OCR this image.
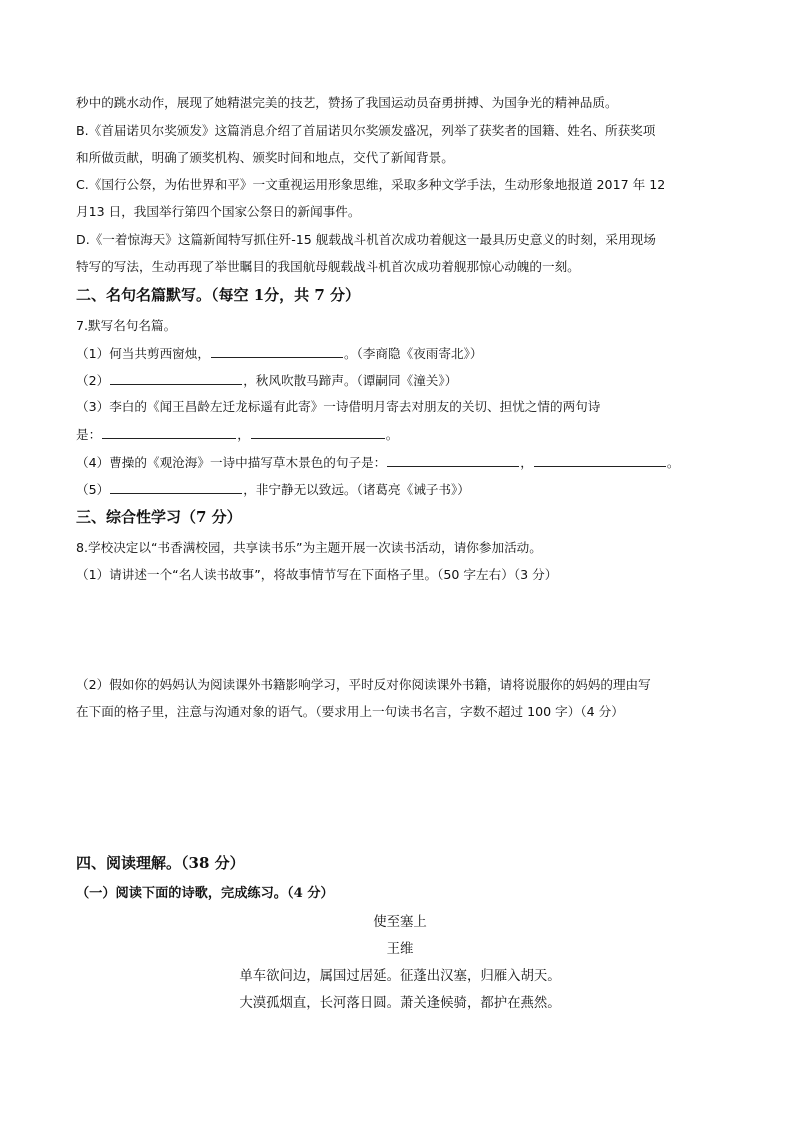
秒中的跳水动作，展现了她精湛完美的技艺，赞扬了我国运动员奋勇拼搏、为国争光的精神品质。
B.《首届诺贝尔奖颁发》这篇消息介绍了首届诺贝尔奖颁发盛况，列举了获奖者的国籍、姓名、所获奖项
和所做贡献，明确了颁奖机构、颁奖时间和地点，交代了新闻背景。
C.《国行公祭，为佑世界和平》一文重视运用形象思维，采取多种文学手法，生动形象地报道 2017 年 12
月13 日，我国举行第四个国家公祭日的新闻事件。
D.《一着惊海天》这篇新闻特写抓住歼-15 舰载战斗机首次成功着舰这一最具历史意义的时刻，采用现场
特写的写法，生动再现了举世瞩目的我国航母舰载战斗机首次成功着舰那惊心动魄的一刻。
二、名句名篇默写。（每空 1分，共 7 分）
7.默写名句名篇。
（1）何当共剪西窗烛，	。（李商隐《夜雨寄北》）
（2）	，秋风吹散马蹄声。（谭嗣同《潼关》）
（3）李白的《闻王昌龄左迁龙标遥有此寄》一诗借明月寄去对朋友的关切、担忧之情的两句诗
是：	，	。
（4）曹操的《观沧海》一诗中描写草木景色的句子是：	，	。
（5）	，非宁静无以致远。（诸葛亮《诫子书》）
三、综合性学习（7 分）
8.学校决定以“书香满校园，共享读书乐”为主题开展一次读书活动，请你参加活动。
（1）请讲述一个“名人读书故事”，将故事情节写在下面格子里。（50 字左右）（3 分）
（2）假如你的妈妈认为阅读课外书籍影响学习，平时反对你阅读课外书籍，请将说服你的妈妈的理由写
在下面的格子里，注意与沟通对象的语气。（要求用上一句读书名言，字数不超过 100 字）（4 分）
四、阅读理解。（38 分）
（一）阅读下面的诗歌，完成练习。（4 分）
使至塞上
王维
单车欲问边，属国过居延。征蓬出汉塞，归雁入胡天。
大漠孤烟直，长河落日圆。萧关逢候骑，都护在燕然。
